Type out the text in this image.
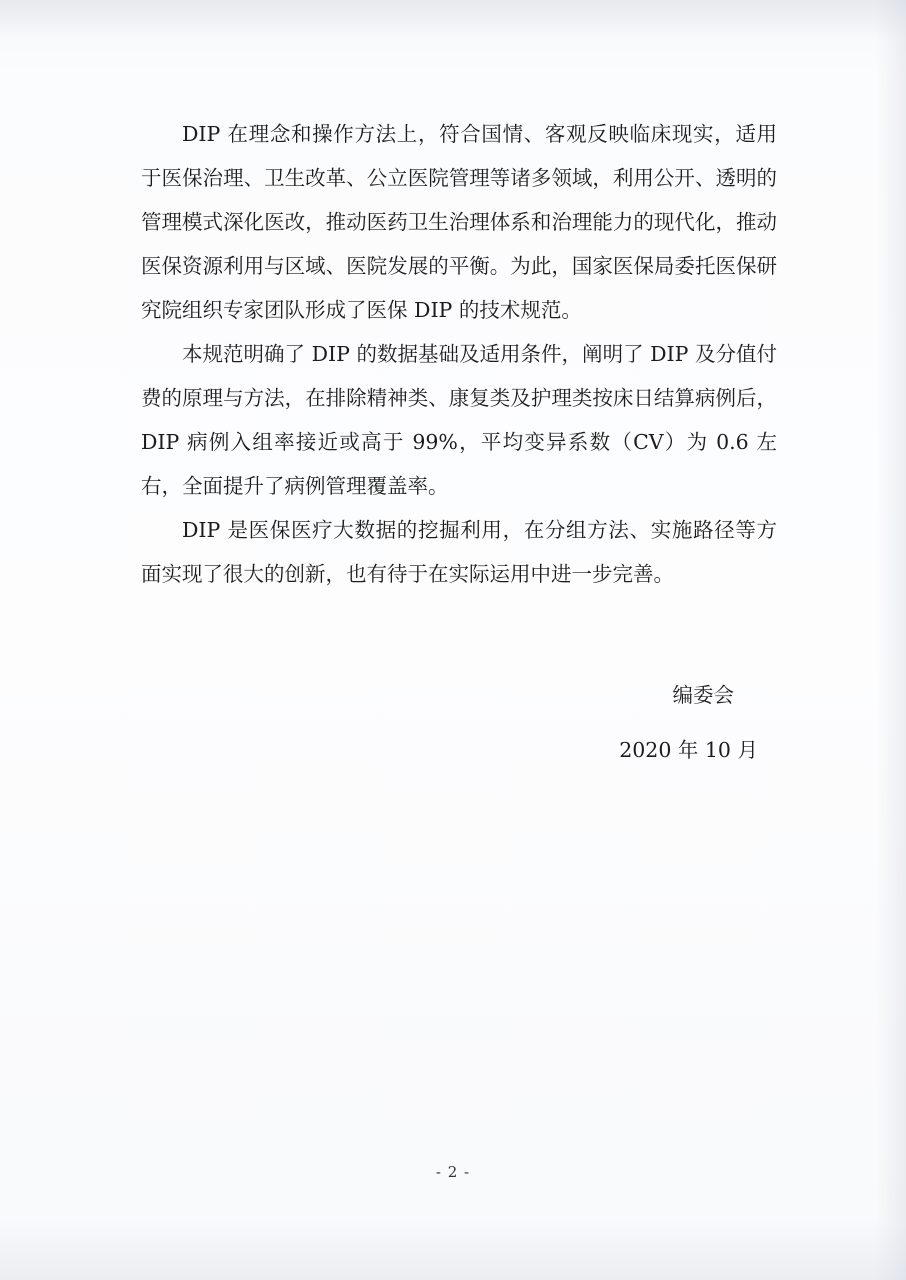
DIP 在理念和操作方法上，符合国情、客观反映临床现实，适用于医保治理、卫生改革、公立医院管理等诸多领域，利用公开、透明的管理模式深化医改，推动医药卫生治理体系和治理能力的现代化，推动医保资源利用与区域、医院发展的平衡。为此，国家医保局委托医保研究院组织专家团队形成了医保 DIP 的技术规范。

本规范明确了 DIP 的数据基础及适用条件，阐明了 DIP 及分值付费的原理与方法，在排除精神类、康复类及护理类按床日结算病例后，DIP 病例入组率接近或高于 99%，平均变异系数（CV）为 0.6 左右，全面提升了病例管理覆盖率。

DIP 是医保医疗大数据的挖掘利用，在分组方法、实施路径等方面实现了很大的创新，也有待于在实际运用中进一步完善。

编委会
2020 年 10 月
- 2 -
